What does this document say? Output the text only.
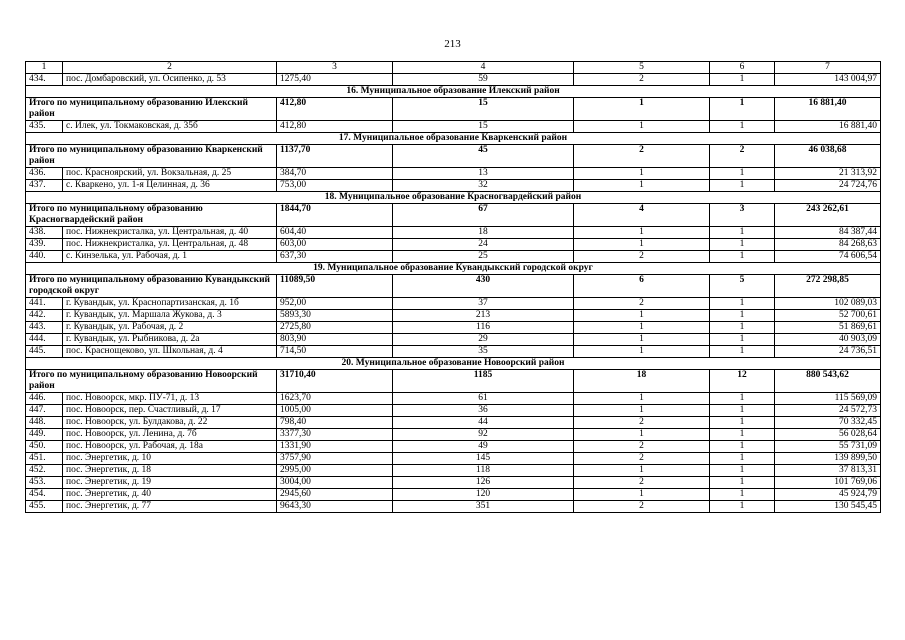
213
1	2	3	4	5	6	7
434.	пос. Домбаровский, ул. Осипенко, д. 53	1275,40	59	2	1	143 004,97
16. Муниципальное образование Илекский район						
Итого по муниципальному образованию Илекский район		412,80	15	1	1	16 881,40
435.	с. Илек, ул. Токмаковская, д. 35б	412,80	15	1	1	16 881,40
17. Муниципальное образование Кваркенский район						
Итого по муниципальному образованию Кваркенский район		1137,70	45	2	2	46 038,68
436.	пос. Красноярский, ул. Вокзальная, д. 25	384,70	13	1	1	21 313,92
437.	с. Кваркено, ул. 1-я Целинная, д. 36	753,00	32	1	1	24 724,76
18. Муниципальное образование Красногвардейский район						
Итого по муниципальному образованию Красногвардейский район		1844,70	67	4	3	243 262,61
438.	пос. Нижнекристалка, ул. Центральная, д. 40	604,40	18	1	1	84 387,44
439.	пос. Нижнекристалка, ул. Центральная, д. 48	603,00	24	1	1	84 268,63
440.	с. Кинзелька, ул. Рабочая, д. 1	637,30	25	2	1	74 606,54
19. Муниципальное образование Кувандыкский городской округ						
Итого по муниципальному образованию Кувандыкский городской округ		11089,50	430	6	5	272 298,85
441.	г. Кувандык, ул. Краснопартизанская, д. 1б	952,00	37	2	1	102 089,03
442.	г. Кувандык, ул. Маршала Жукова, д. 3	5893,30	213	1	1	52 700,61
443.	г. Кувандык, ул. Рабочая, д. 2	2725,80	116	1	1	51 869,61
444.	г. Кувандык, ул. Рыбникова, д. 2а	803,90	29	1	1	40 903,09
445.	пос. Краснощеково, ул. Школьная, д. 4	714,50	35	1	1	24 736,51
20. Муниципальное образование Новоорский район						
Итого по муниципальному образованию Новоорский район		31710,40	1185	18	12	880 543,62
446.	пос. Новоорск, мкр. ПУ-71, д. 13	1623,70	61	1	1	115 569,09
447.	пос. Новоорск, пер. Счастливый, д. 17	1005,00	36	1	1	24 572,73
448.	пос. Новоорск, ул. Булдакова, д. 22	798,40	44	2	1	70 332,45
449.	пос. Новоорск, ул. Ленина, д. 7б	3377,30	92	1	1	56 028,64
450.	пос. Новоорск, ул. Рабочая, д. 18а	1331,90	49	2	1	55 731,09
451.	пос. Энергетик, д. 10	3757,90	145	2	1	139 899,50
452.	пос. Энергетик, д. 18	2995,00	118	1	1	37 813,31
453.	пос. Энергетик, д. 19	3004,00	126	2	1	101 769,06
454.	пос. Энергетик, д. 40	2945,60	120	1	1	45 924,79
455.	пос. Энергетик, д. 77	9643,30	351	2	1	130 545,45
